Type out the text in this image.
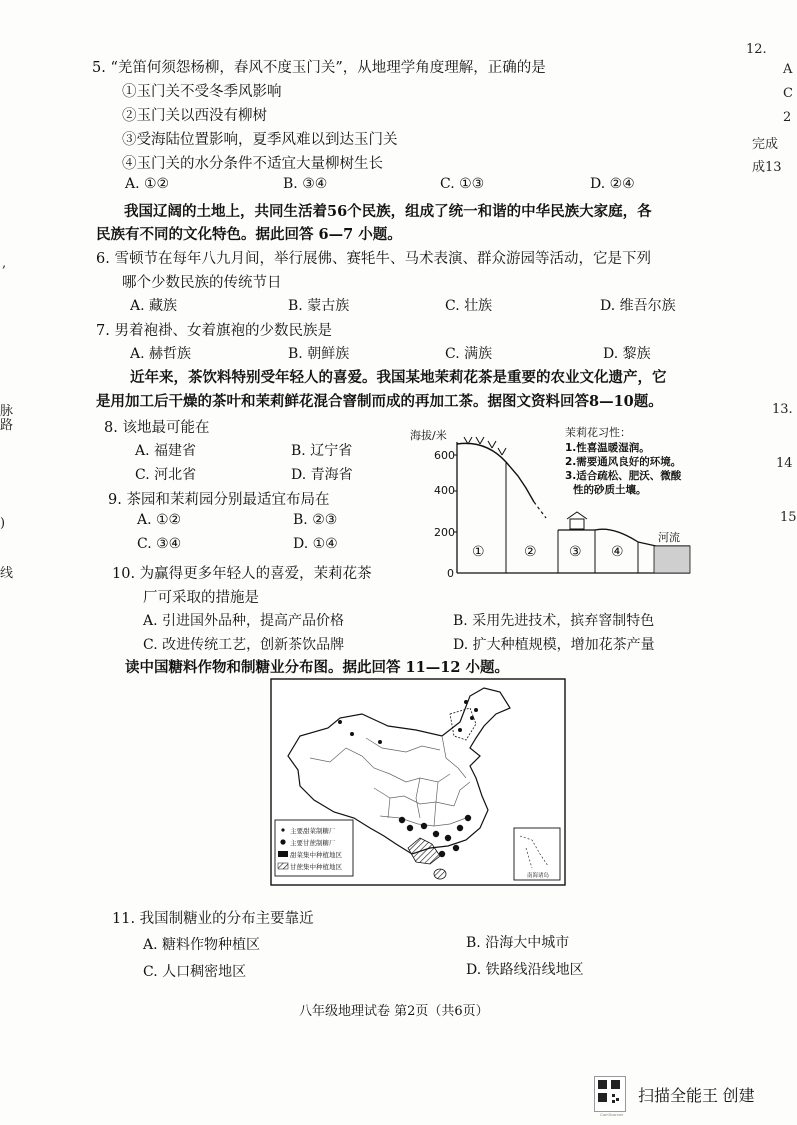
12.
A
C
2
完成
成13
13.
14
15
,
脉
路
)
线
5. “羌笛何须怨杨柳，春风不度玉门关”，从地理学角度理解，正确的是
①玉门关不受冬季风影响
②玉门关以西没有柳树
③受海陆位置影响，夏季风难以到达玉门关
④玉门关的水分条件不适宜大量柳树生长
A. ①②	B. ③④	C. ①③	D. ②④
我国辽阔的土地上，共同生活着56个民族，组成了统一和谐的中华民族大家庭，各
民族有不同的文化特色。据此回答 6—7 小题。
6. 雪顿节在每年八九月间，举行展佛、赛牦牛、马术表演、群众游园等活动，它是下列
哪个少数民族的传统节日
A. 藏族	B. 蒙古族	C. 壮族	D. 维吾尔族
7. 男着袍褂、女着旗袍的少数民族是
A. 赫哲族	B. 朝鲜族	C. 满族	D. 黎族
近年来，茶饮料特别受年轻人的喜爱。我国某地茉莉花茶是重要的农业文化遗产，它
是用加工后干燥的茶叶和茉莉鲜花混合窨制而成的再加工茶。据图文资料回答8—10题。
8. 该地最可能在
A. 福建省	B. 辽宁省
C. 河北省	D. 青海省
9. 茶园和茉莉园分别最适宜布局在
A. ①②	B. ②③
C. ③④	D. ①④
10. 为赢得更多年轻人的喜爱，茉莉花茶
厂可采取的措施是
A. 引进国外品种，提高产品价格	B. 采用先进技术，摈弃窨制特色
C. 改进传统工艺，创新茶饮品牌	D. 扩大种植规模，增加花茶产量
海拔/米
600
400
200
0
①	② ③ ④
河流
茉莉花习性：
1.性喜温暖湿润。
2.需要通风良好的环境。
3.适合疏松、肥沃、微酸
性的砂质土壤。
读中国糖料作物和制糖业分布图。据此回答 11—12 小题。
主要甜菜制糖厂
主要甘蔗制糖厂
甜菜集中种植地区
甘蔗集中种植地区
南海诸岛
11. 我国制糖业的分布主要靠近
A. 糖料作物种植区	B. 沿海大中城市
C. 人口稠密地区	D. 铁路线沿线地区
八年级地理试卷 第2页（共6页）
CamScanner
扫描全能王 创建
